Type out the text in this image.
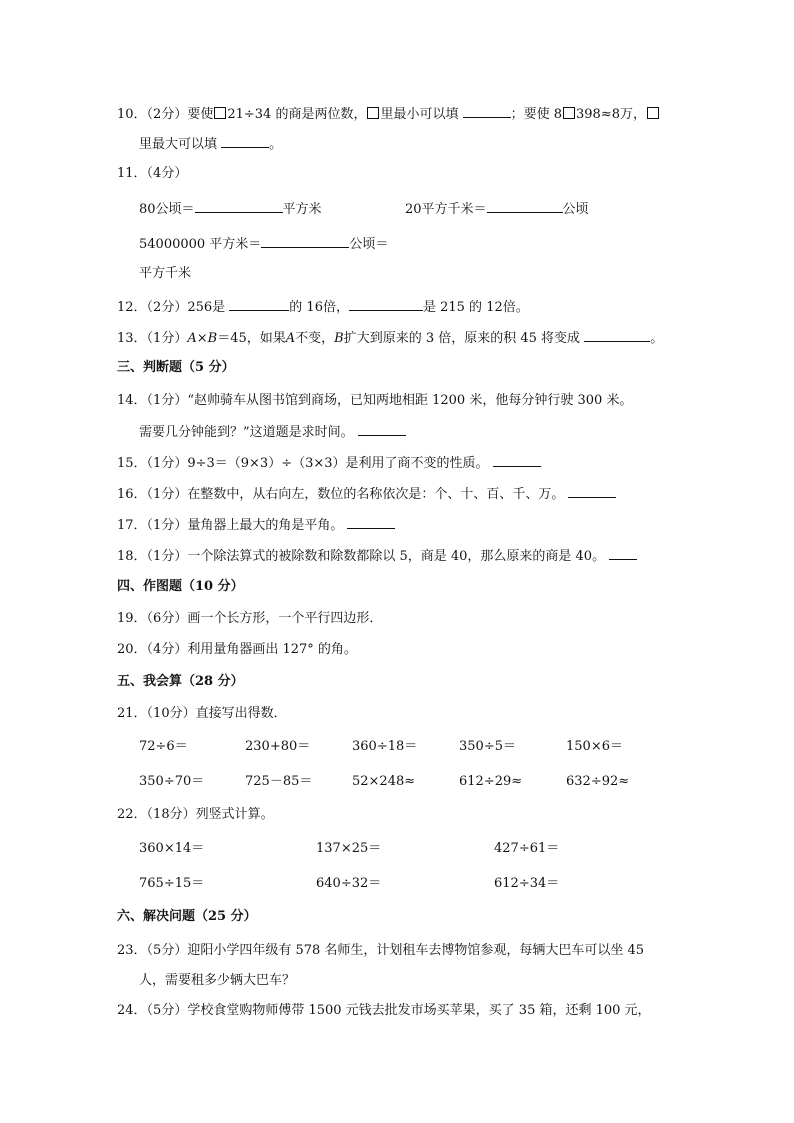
10．（2分）要使 21÷34 的商是两位数， 里最小可以填	；要使 8 398≈8万，
里最大可以填	。
11．（4分）
80公顷＝	平方米	20平方千米＝	公顷
54000000 平方米＝	公顷＝
平方千米
12．（2分）256是	的 16倍，	是 215 的 12倍。
13．（1分）A×B＝45，如果A不变，B扩大到原来的 3 倍，原来的积 45 将变成	。
三、判断题（5 分）
14．（1分）“赵帅骑车从图书馆到商场，已知两地相距 1200 米，他每分钟行驶 300 米。
需要几分钟能到？”这道题是求时间。
15．（1分）9÷3＝（9×3）÷（3×3）是利用了商不变的性质。
16．（1分）在整数中，从右向左，数位的名称依次是：个、十、百、千、万。
17．（1分）量角器上最大的角是平角。
18．（1分）一个除法算式的被除数和除数都除以 5，商是 40，那么原来的商是 40。
四、作图题（10 分）
19．（6分）画一个长方形，一个平行四边形．
20．（4分）利用量角器画出 127° 的角。
五、我会算（28 分）
21．（10分）直接写出得数．
72÷6＝	230+80＝	360÷18＝	350÷5＝	150×6＝
350÷70＝	725－85＝	52×248≈	612÷29≈	632÷92≈
22．（18分）列竖式计算。
360×14＝	137×25＝	427÷61＝
765÷15＝	640÷32＝	612÷34＝
六、解决问题（25 分）
23．（5分）迎阳小学四年级有 578 名师生，计划租车去博物馆参观，每辆大巴车可以坐 45
人，需要租多少辆大巴车？
24．（5分）学校食堂购物师傅带 1500 元钱去批发市场买苹果，买了 35 箱，还剩 100 元，
